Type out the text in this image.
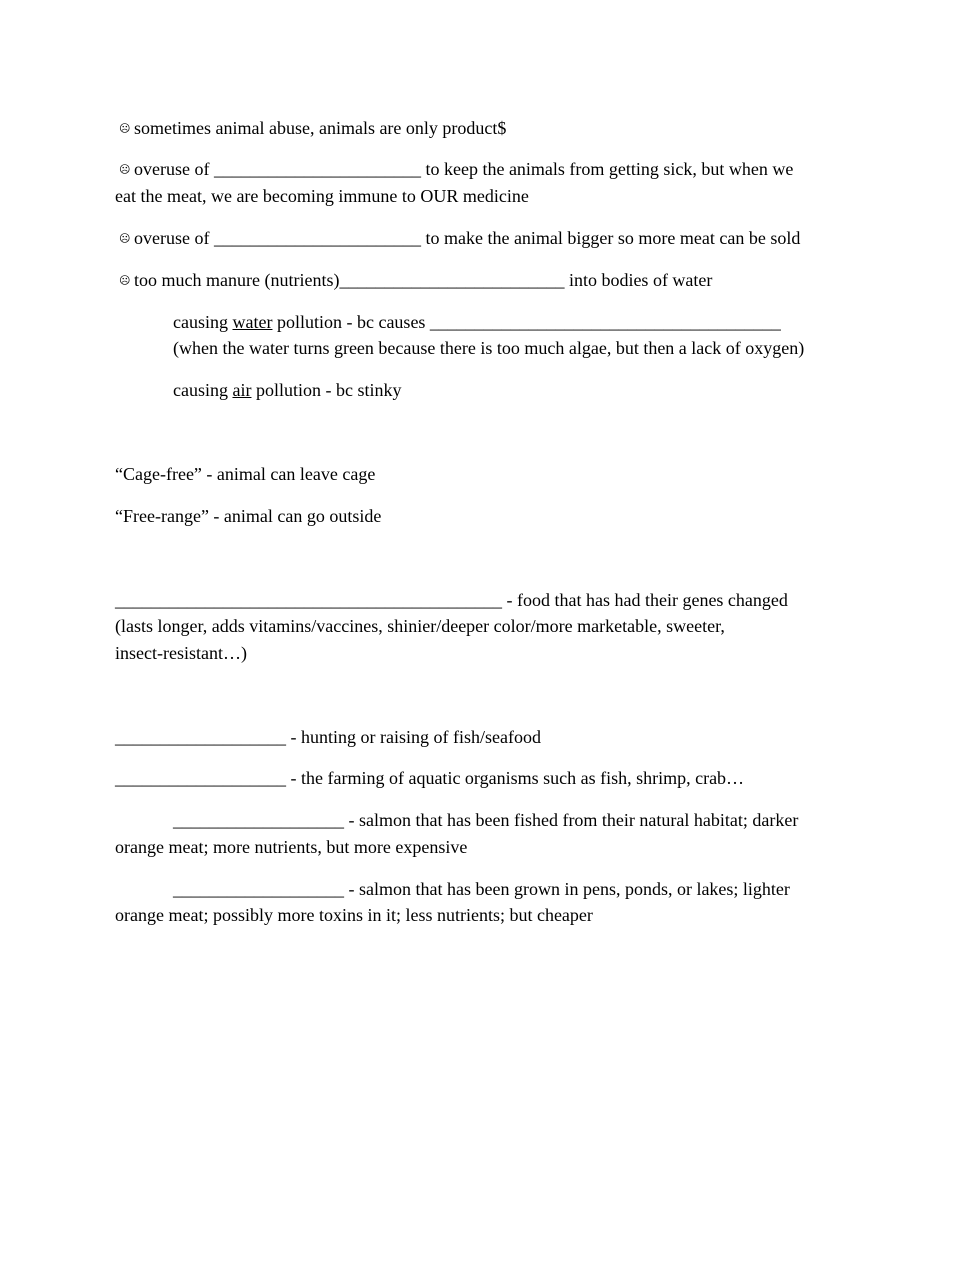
☹ sometimes animal abuse, animals are only product$
☹ overuse of _______________________ to keep the animals from getting sick, but when we
eat the meat, we are becoming immune to OUR medicine
☹ overuse of _______________________ to make the animal bigger so more meat can be sold
☹ too much manure (nutrients)_________________________ into bodies of water
causing water pollution - bc causes _______________________________________
(when the water turns green because there is too much algae, but then a lack of oxygen)
causing air pollution - bc stinky
“Cage-free” - animal can leave cage
“Free-range” - animal can go outside
___________________________________________ - food that has had their genes changed
(lasts longer, adds vitamins/vaccines, shinier/deeper color/more marketable, sweeter,
insect-resistant…)
___________________ - hunting or raising of fish/seafood
___________________ - the farming of aquatic organisms such as fish, shrimp, crab…
___________________ - salmon that has been fished from their natural habitat; darker
orange meat; more nutrients, but more expensive
___________________ - salmon that has been grown in pens, ponds, or lakes; lighter
orange meat; possibly more toxins in it; less nutrients; but cheaper
